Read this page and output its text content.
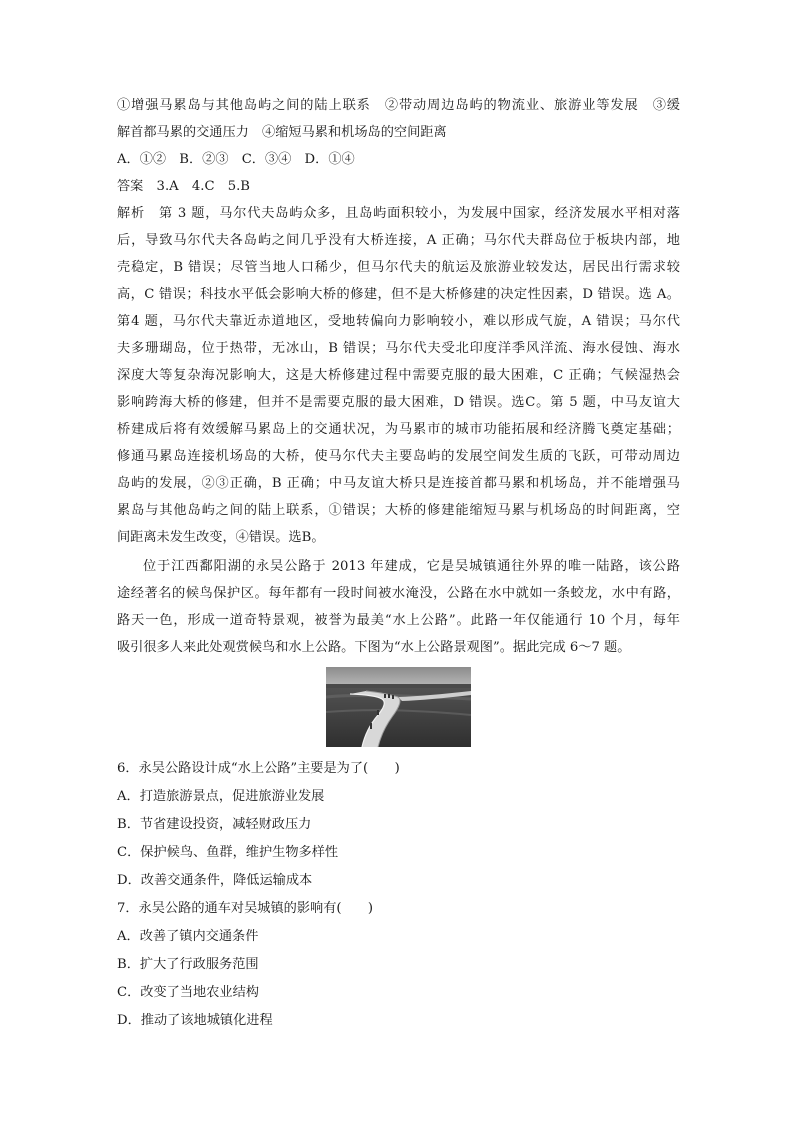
①增强马累岛与其他岛屿之间的陆上联系　②带动周边岛屿的物流业、旅游业等发展　③缓
解首都马累的交通压力　④缩短马累和机场岛的空间距离
A．①②　B．②③　C．③④　D．①④
答案　3.A　4.C　5.B
解析　第 3 题，马尔代夫岛屿众多，且岛屿面积较小，为发展中国家，经济发展水平相对落
后，导致马尔代夫各岛屿之间几乎没有大桥连接，A 正确；马尔代夫群岛位于板块内部，地
壳稳定，B 错误；尽管当地人口稀少，但马尔代夫的航运及旅游业较发达，居民出行需求较
高，C 错误；科技水平低会影响大桥的修建，但不是大桥修建的决定性因素，D 错误。选 A。
第4 题，马尔代夫靠近赤道地区，受地转偏向力影响较小，难以形成气旋，A 错误；马尔代
夫多珊瑚岛，位于热带，无冰山，B 错误；马尔代夫受北印度洋季风洋流、海水侵蚀、海水
深度大等复杂海况影响大，这是大桥修建过程中需要克服的最大困难，C 正确；气候湿热会
影响跨海大桥的修建，但并不是需要克服的最大困难，D 错误。选C。第 5 题，中马友谊大
桥建成后将有效缓解马累岛上的交通状况，为马累市的城市功能拓展和经济腾飞奠定基础；
修通马累岛连接机场岛的大桥，使马尔代夫主要岛屿的发展空间发生质的飞跃，可带动周边
岛屿的发展，②③正确，B 正确；中马友谊大桥只是连接首都马累和机场岛，并不能增强马
累岛与其他岛屿之间的陆上联系，①错误；大桥的修建能缩短马累与机场岛的时间距离，空
间距离未发生改变，④错误。选B。
位于江西鄱阳湖的永吴公路于 2013 年建成，它是吴城镇通往外界的唯一陆路，该公路
途经著名的候鸟保护区。每年都有一段时间被水淹没，公路在水中就如一条蛟龙，水中有路，
路天一色，形成一道奇特景观，被誉为最美“水上公路”。此路一年仅能通行 10 个月，每年
吸引很多人来此处观赏候鸟和水上公路。下图为“水上公路景观图”。据此完成 6～7 题。
6．永吴公路设计成“水上公路”主要是为了(　　)
A．打造旅游景点，促进旅游业发展
B．节省建设投资，减轻财政压力
C．保护候鸟、鱼群，维护生物多样性
D．改善交通条件，降低运输成本
7．永吴公路的通车对吴城镇的影响有(　　)
A．改善了镇内交通条件
B．扩大了行政服务范围
C．改变了当地农业结构
D．推动了该地城镇化进程
